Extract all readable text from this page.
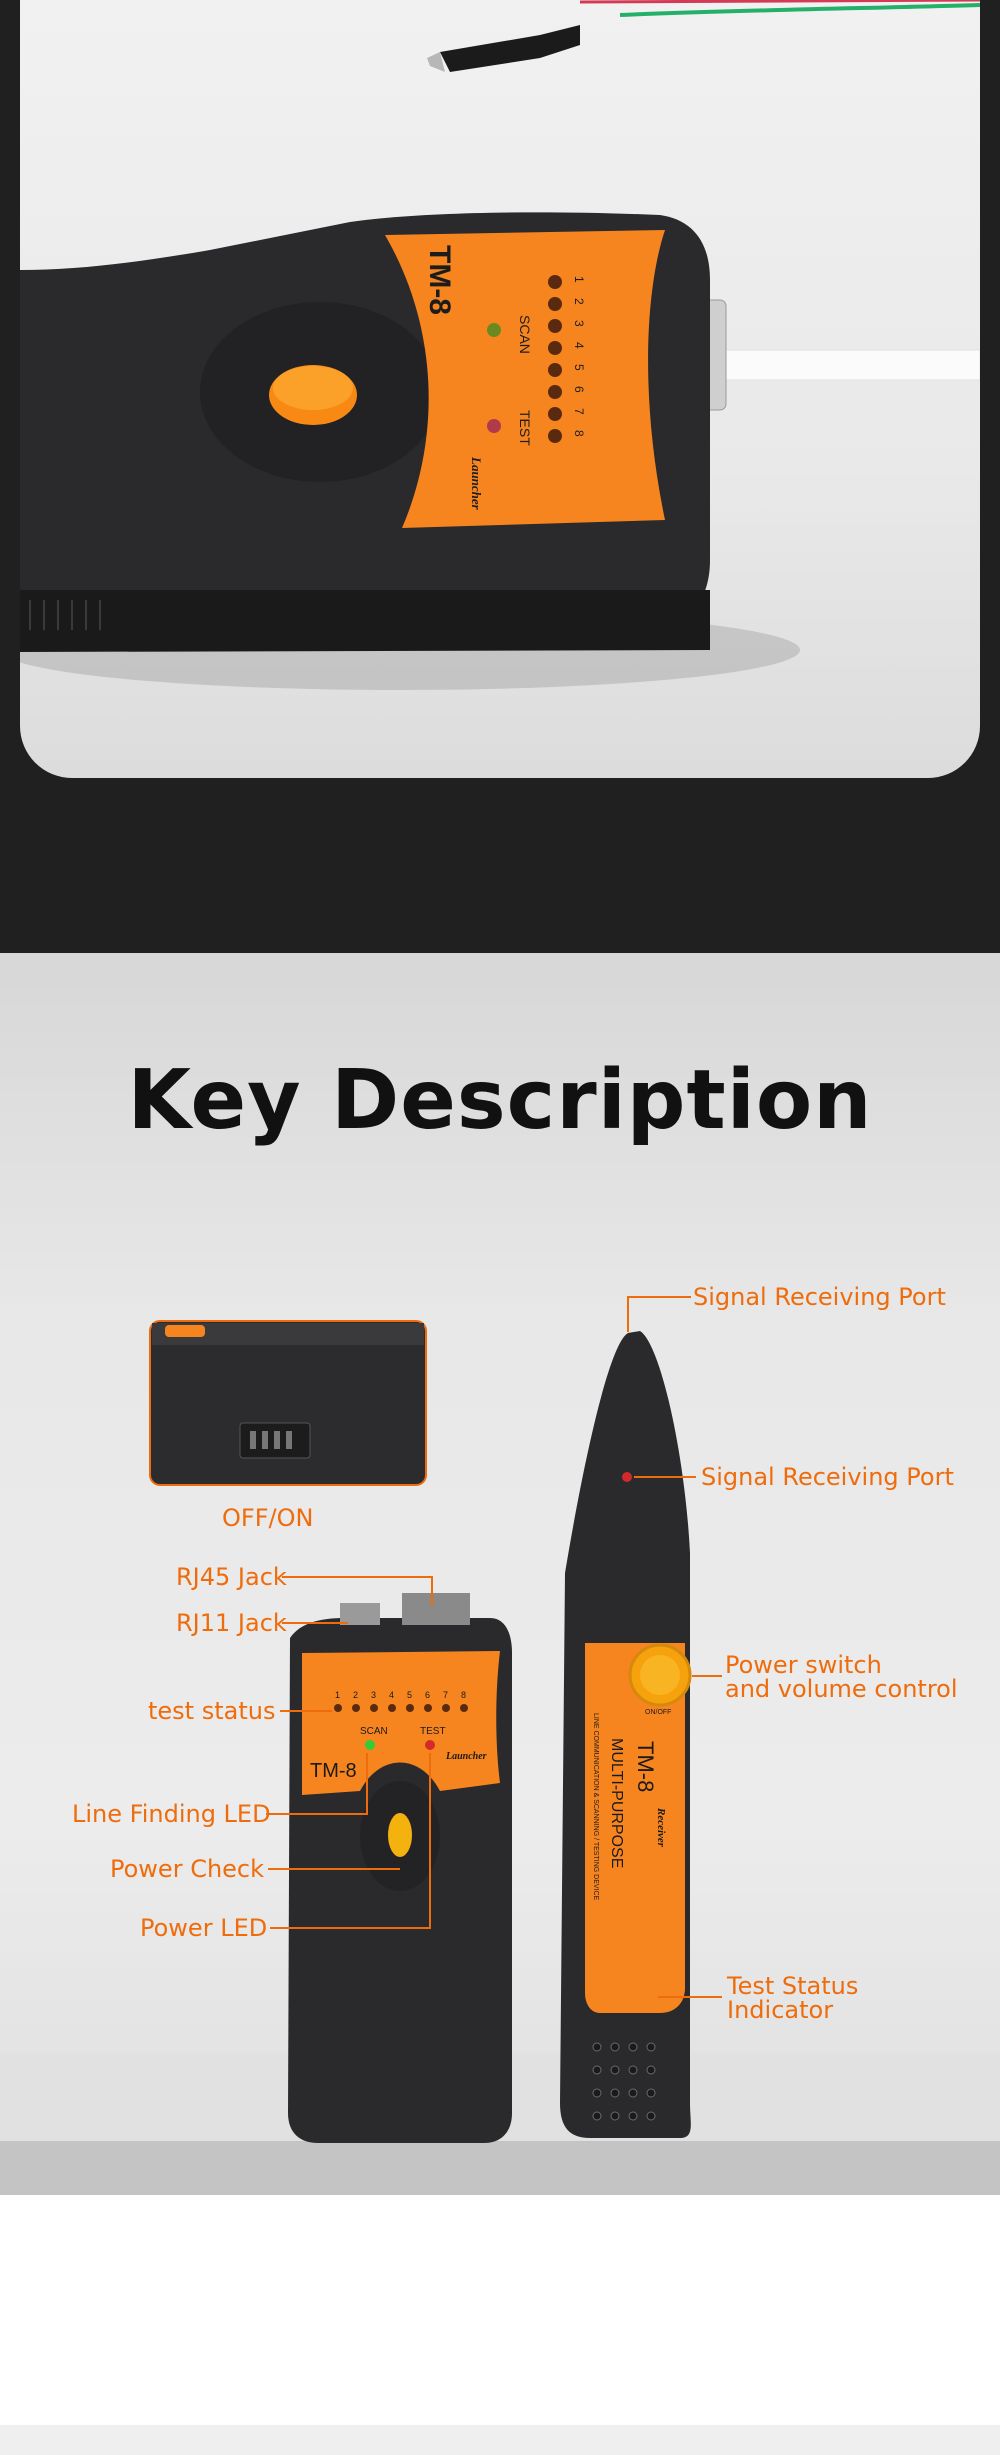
TM-8
SCAN
TEST
Launcher
1
2
3
4
5
6
7
8
Key Description
1 2 3 4 5 6 7 8
SCAN	TEST
TM-8
Launcher	TM-8
Receiver
MULTI-PURPOSE
LINE COMMUNICATION & SCANNING / TESTING DEVICE
ON/OFF
OFF/ON
RJ45 Jack
RJ11 Jack
test status
Line Finding LED
Power Check
Power LED
Signal Receiving Port
Signal Receiving Port
Power switch
and volume control
Test Status
Indicator
